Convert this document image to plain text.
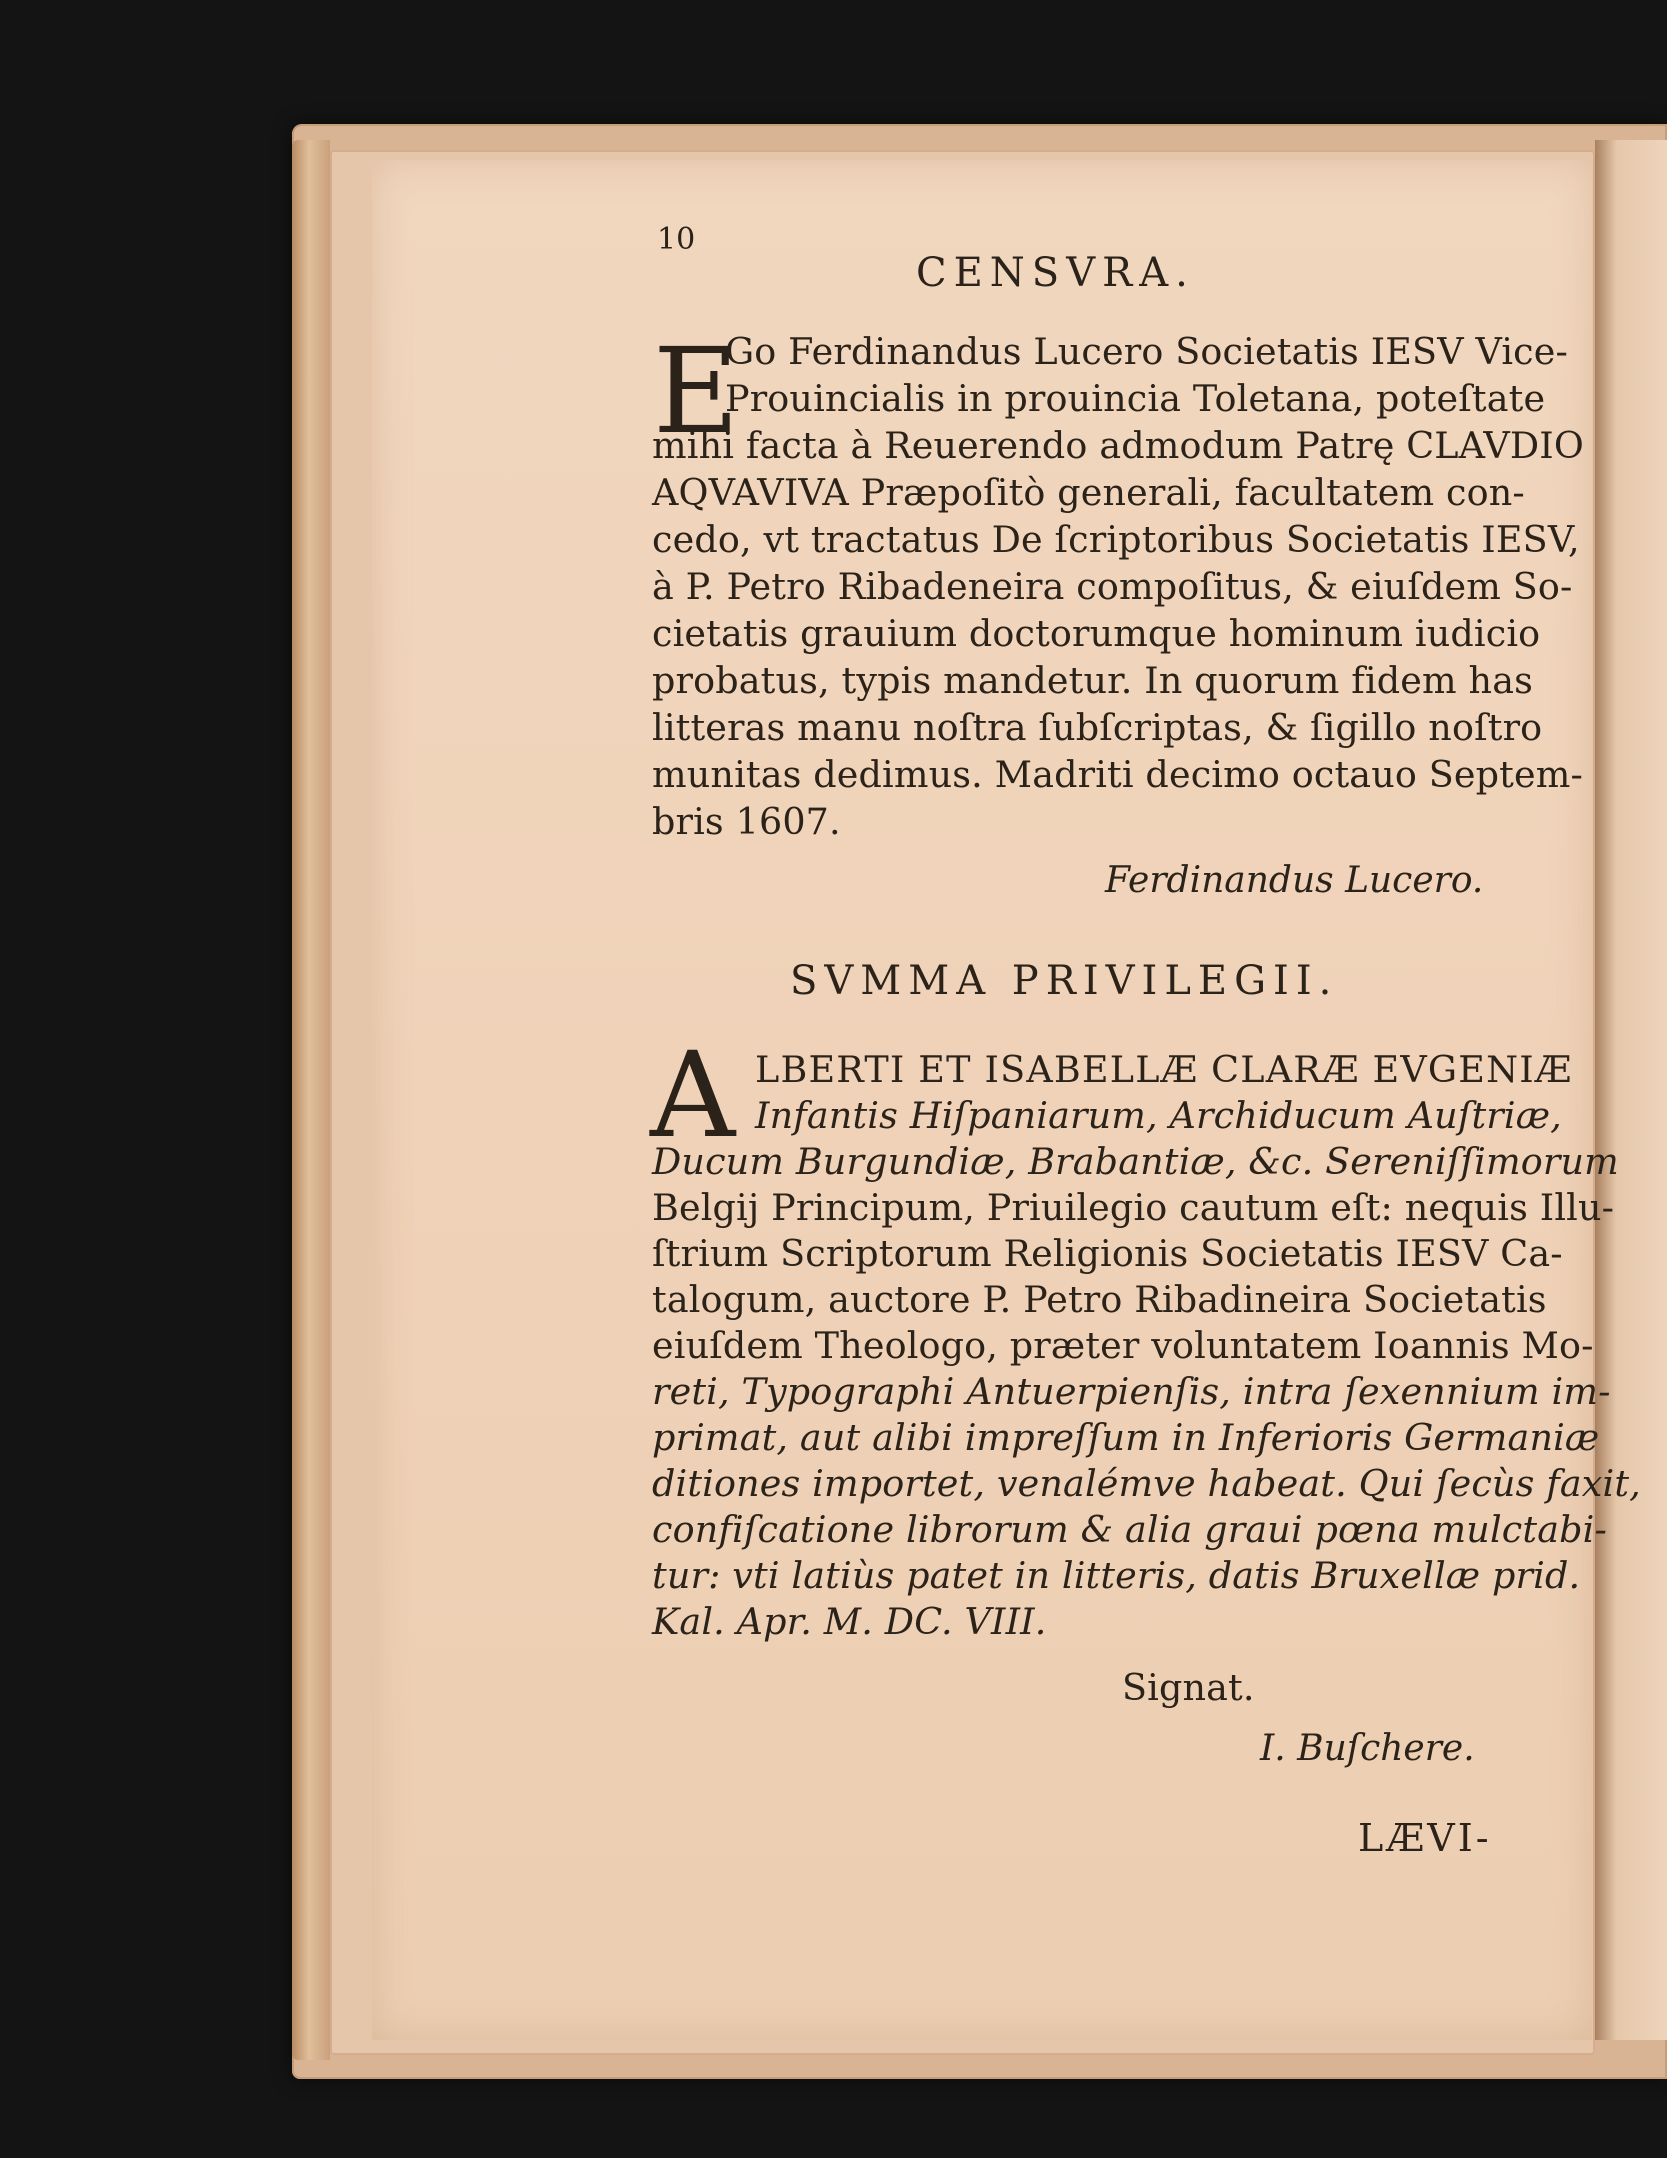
10
CENSVRA.
E
Go Ferdinandus Lucero Societatis IESV Vice-
Prouincialis in prouincia Toletana, poteſtate
mihi facta à Reuerendo admodum Patrę CLAVDIO
AQVAVIVA Præpoſitò generali, facultatem con-
cedo, vt tractatus De ſcriptoribus Societatis IESV,
à P. Petro Ribadeneira compoſitus, & eiuſdem So-
cietatis grauium doctorumque hominum iudicio
probatus, typis mandetur. In quorum fidem has
litteras manu noſtra ſubſcriptas, & ſigillo noſtro
munitas dedimus. Madriti decimo octauo Septem-
bris 1607.
Ferdinandus Lucero.
SVMMA PRIVILEGII.
A LBERTI ET ISABELLÆ CLARÆ EVGENIÆ
Infantis Hiſpaniarum, Archiducum Auſtriæ,
Ducum Burgundiæ, Brabantiæ, &c. Sereniſſimorum
Belgij Principum, Priuilegio cautum eſt: nequis Illu-
ſtrium Scriptorum Religionis Societatis IESV Ca-
talogum, auctore P. Petro Ribadineira Societatis
eiuſdem Theologo, præter voluntatem Ioannis Mo-
reti, Typographi Antuerpienſis, intra ſexennium im-
primat, aut alibi impreſſum in Inferioris Germaniæ
ditiones importet, venalémve habeat. Qui ſecùs faxit,
confiſcatione librorum & alia graui pœna mulctabi-
tur: vti latiùs patet in litteris, datis Bruxellæ prid.
Kal. Apr. M. DC. VIII.
Signat.
I. Buſchere.
LÆVI-
